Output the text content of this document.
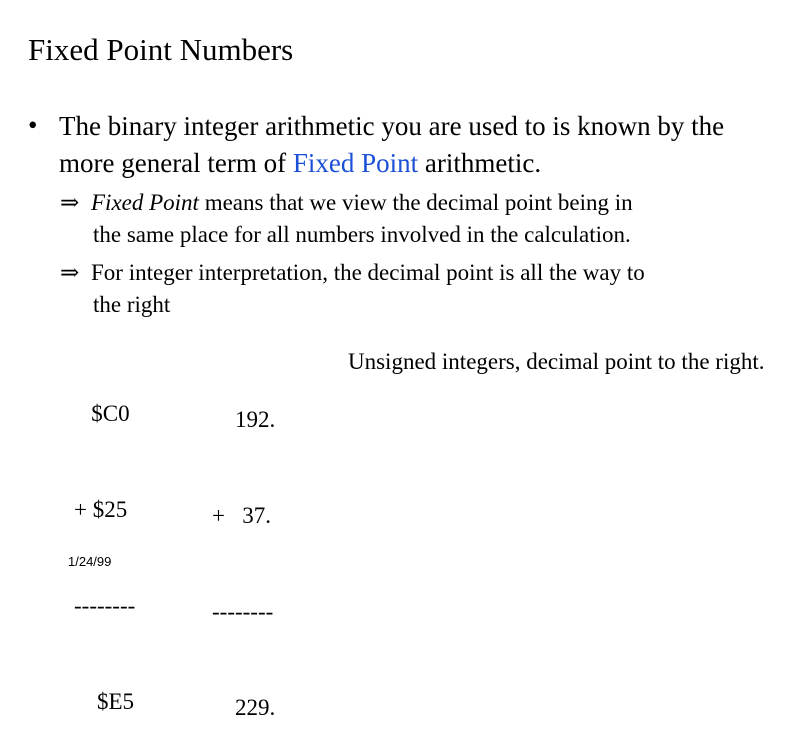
Fixed Point Numbers
• The binary integer arithmetic you are used to is known by the more general term of Fixed Point arithmetic.
⇒ Fixed Point means that we view the decimal point being in
the same place for all numbers involved in the calculation.
⇒ For integer interpretation, the decimal point is all the way to
the right

$C0

+ $25

--------

$E5

192.

+   37.

--------

229.

Unsigned integers, decimal point to the right.
1/24/99
